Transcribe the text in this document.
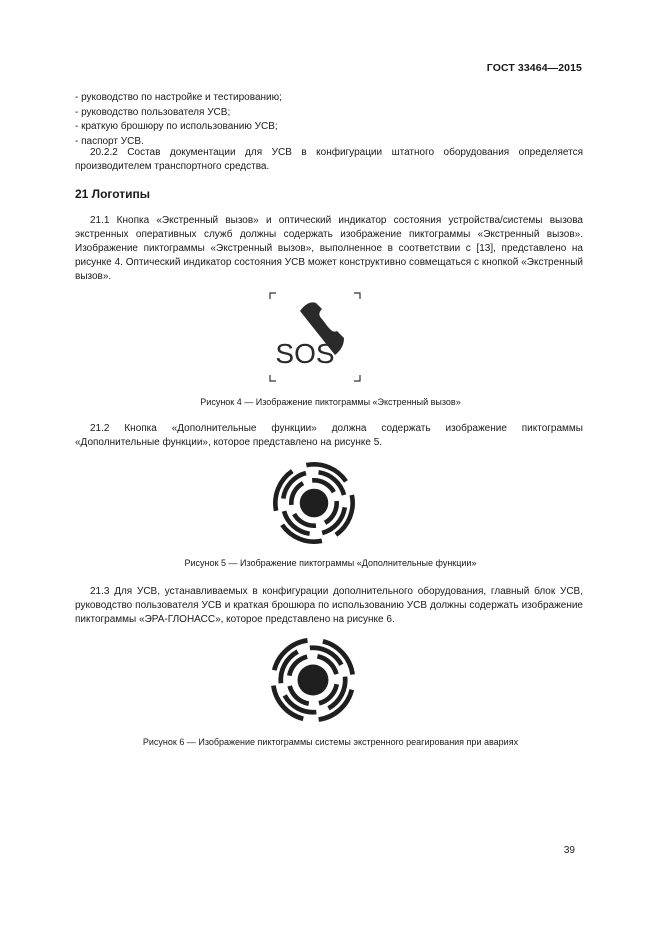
ГОСТ 33464—2015
- руководство по настройке и тестированию;
- руководство пользователя УСВ;
- краткую брошюру по использованию УСВ;
- паспорт УСВ.

20.2.2 Состав документации для УСВ в конфигурации штатного оборудования определяется производителем транспортного средства.

21 Логотипы

21.1 Кнопка «Экстренный вызов» и оптический индикатор состояния устройства/системы вызова экстренных оперативных служб должны содержать изображение пиктограммы «Экстренный вызов». Изображение пиктограммы «Экстренный вызов», выполненное в соответствии с [13], представлено на рисунке 4. Оптический индикатор состояния УСВ может конструктивно совмещаться с кнопкой «Экстренный вызов».

SOS
Рисунок 4 — Изображение пиктограммы «Экстренный вызов»

21.2 Кнопка «Дополнительные функции» должна содержать изображение пиктограммы «Дополнительные функции», которое представлено на рисунке 5.

Рисунок 5 — Изображение пиктограммы «Дополнительные функции»

21.3 Для УСВ, устанавливаемых в конфигурации дополнительного оборудования, главный блок УСВ, руководство пользователя УСВ и краткая брошюра по использованию УСВ должны содержать изображение пиктограммы «ЭРА-ГЛОНАСС», которое представлено на рисунке 6.

Рисунок 6 — Изображение пиктограммы системы экстренного реагирования при авариях
39
